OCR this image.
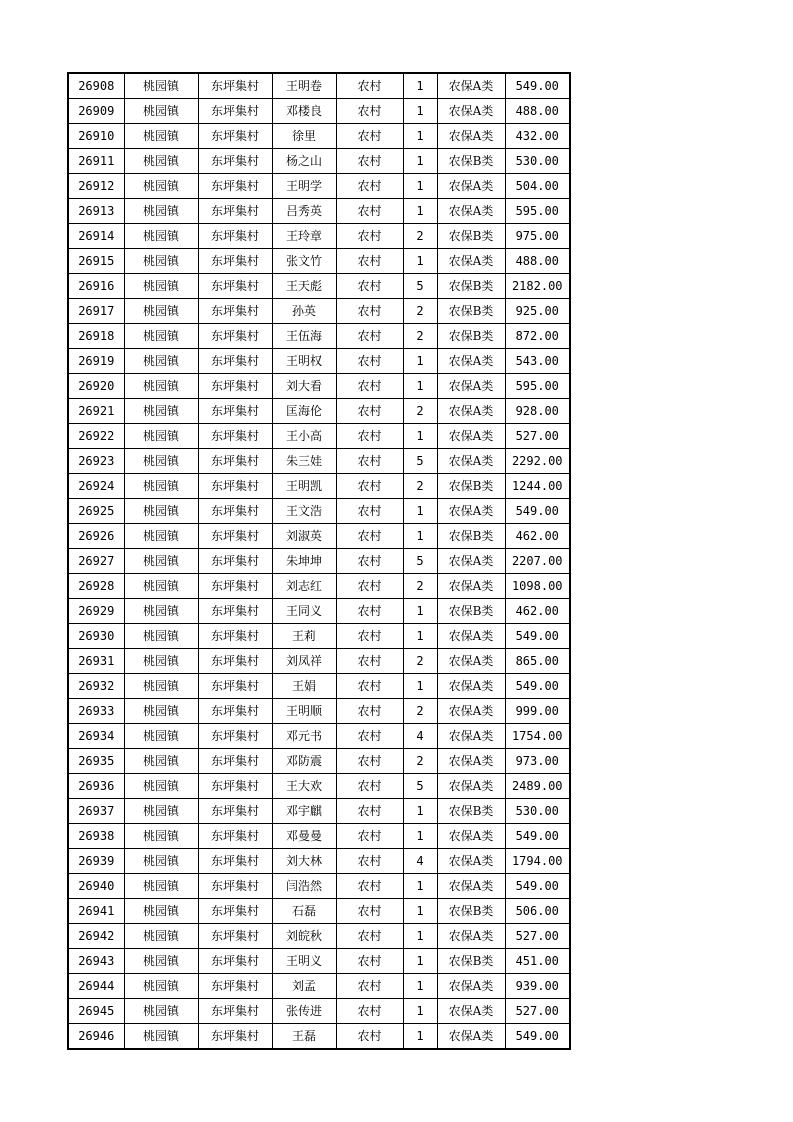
26908	桃园镇	东坪集村	王明卷	农村	1	农保A类	549.00
26909	桃园镇	东坪集村	邓楼良	农村	1	农保A类	488.00
26910	桃园镇	东坪集村	徐里	农村	1	农保A类	432.00
26911	桃园镇	东坪集村	杨之山	农村	1	农保B类	530.00
26912	桃园镇	东坪集村	王明学	农村	1	农保A类	504.00
26913	桃园镇	东坪集村	吕秀英	农村	1	农保A类	595.00
26914	桃园镇	东坪集村	王玲章	农村	2	农保B类	975.00
26915	桃园镇	东坪集村	张文竹	农村	1	农保A类	488.00
26916	桃园镇	东坪集村	王天彪	农村	5	农保B类	2182.00
26917	桃园镇	东坪集村	孙英	农村	2	农保B类	925.00
26918	桃园镇	东坪集村	王伍海	农村	2	农保B类	872.00
26919	桃园镇	东坪集村	王明权	农村	1	农保A类	543.00
26920	桃园镇	东坪集村	刘大看	农村	1	农保A类	595.00
26921	桃园镇	东坪集村	匡海伦	农村	2	农保A类	928.00
26922	桃园镇	东坪集村	王小高	农村	1	农保A类	527.00
26923	桃园镇	东坪集村	朱三娃	农村	5	农保A类	2292.00
26924	桃园镇	东坪集村	王明凯	农村	2	农保B类	1244.00
26925	桃园镇	东坪集村	王文浩	农村	1	农保A类	549.00
26926	桃园镇	东坪集村	刘淑英	农村	1	农保B类	462.00
26927	桃园镇	东坪集村	朱坤坤	农村	5	农保A类	2207.00
26928	桃园镇	东坪集村	刘志红	农村	2	农保A类	1098.00
26929	桃园镇	东坪集村	王同义	农村	1	农保B类	462.00
26930	桃园镇	东坪集村	王莉	农村	1	农保A类	549.00
26931	桃园镇	东坪集村	刘凤祥	农村	2	农保A类	865.00
26932	桃园镇	东坪集村	王娟	农村	1	农保A类	549.00
26933	桃园镇	东坪集村	王明顺	农村	2	农保A类	999.00
26934	桃园镇	东坪集村	邓元书	农村	4	农保A类	1754.00
26935	桃园镇	东坪集村	邓防震	农村	2	农保A类	973.00
26936	桃园镇	东坪集村	王大欢	农村	5	农保A类	2489.00
26937	桃园镇	东坪集村	邓宇麒	农村	1	农保B类	530.00
26938	桃园镇	东坪集村	邓曼曼	农村	1	农保A类	549.00
26939	桃园镇	东坪集村	刘大林	农村	4	农保A类	1794.00
26940	桃园镇	东坪集村	闫浩然	农村	1	农保A类	549.00
26941	桃园镇	东坪集村	石磊	农村	1	农保B类	506.00
26942	桃园镇	东坪集村	刘皖秋	农村	1	农保A类	527.00
26943	桃园镇	东坪集村	王明义	农村	1	农保B类	451.00
26944	桃园镇	东坪集村	刘孟	农村	1	农保A类	939.00
26945	桃园镇	东坪集村	张传进	农村	1	农保A类	527.00
26946	桃园镇	东坪集村	王磊	农村	1	农保A类	549.00
